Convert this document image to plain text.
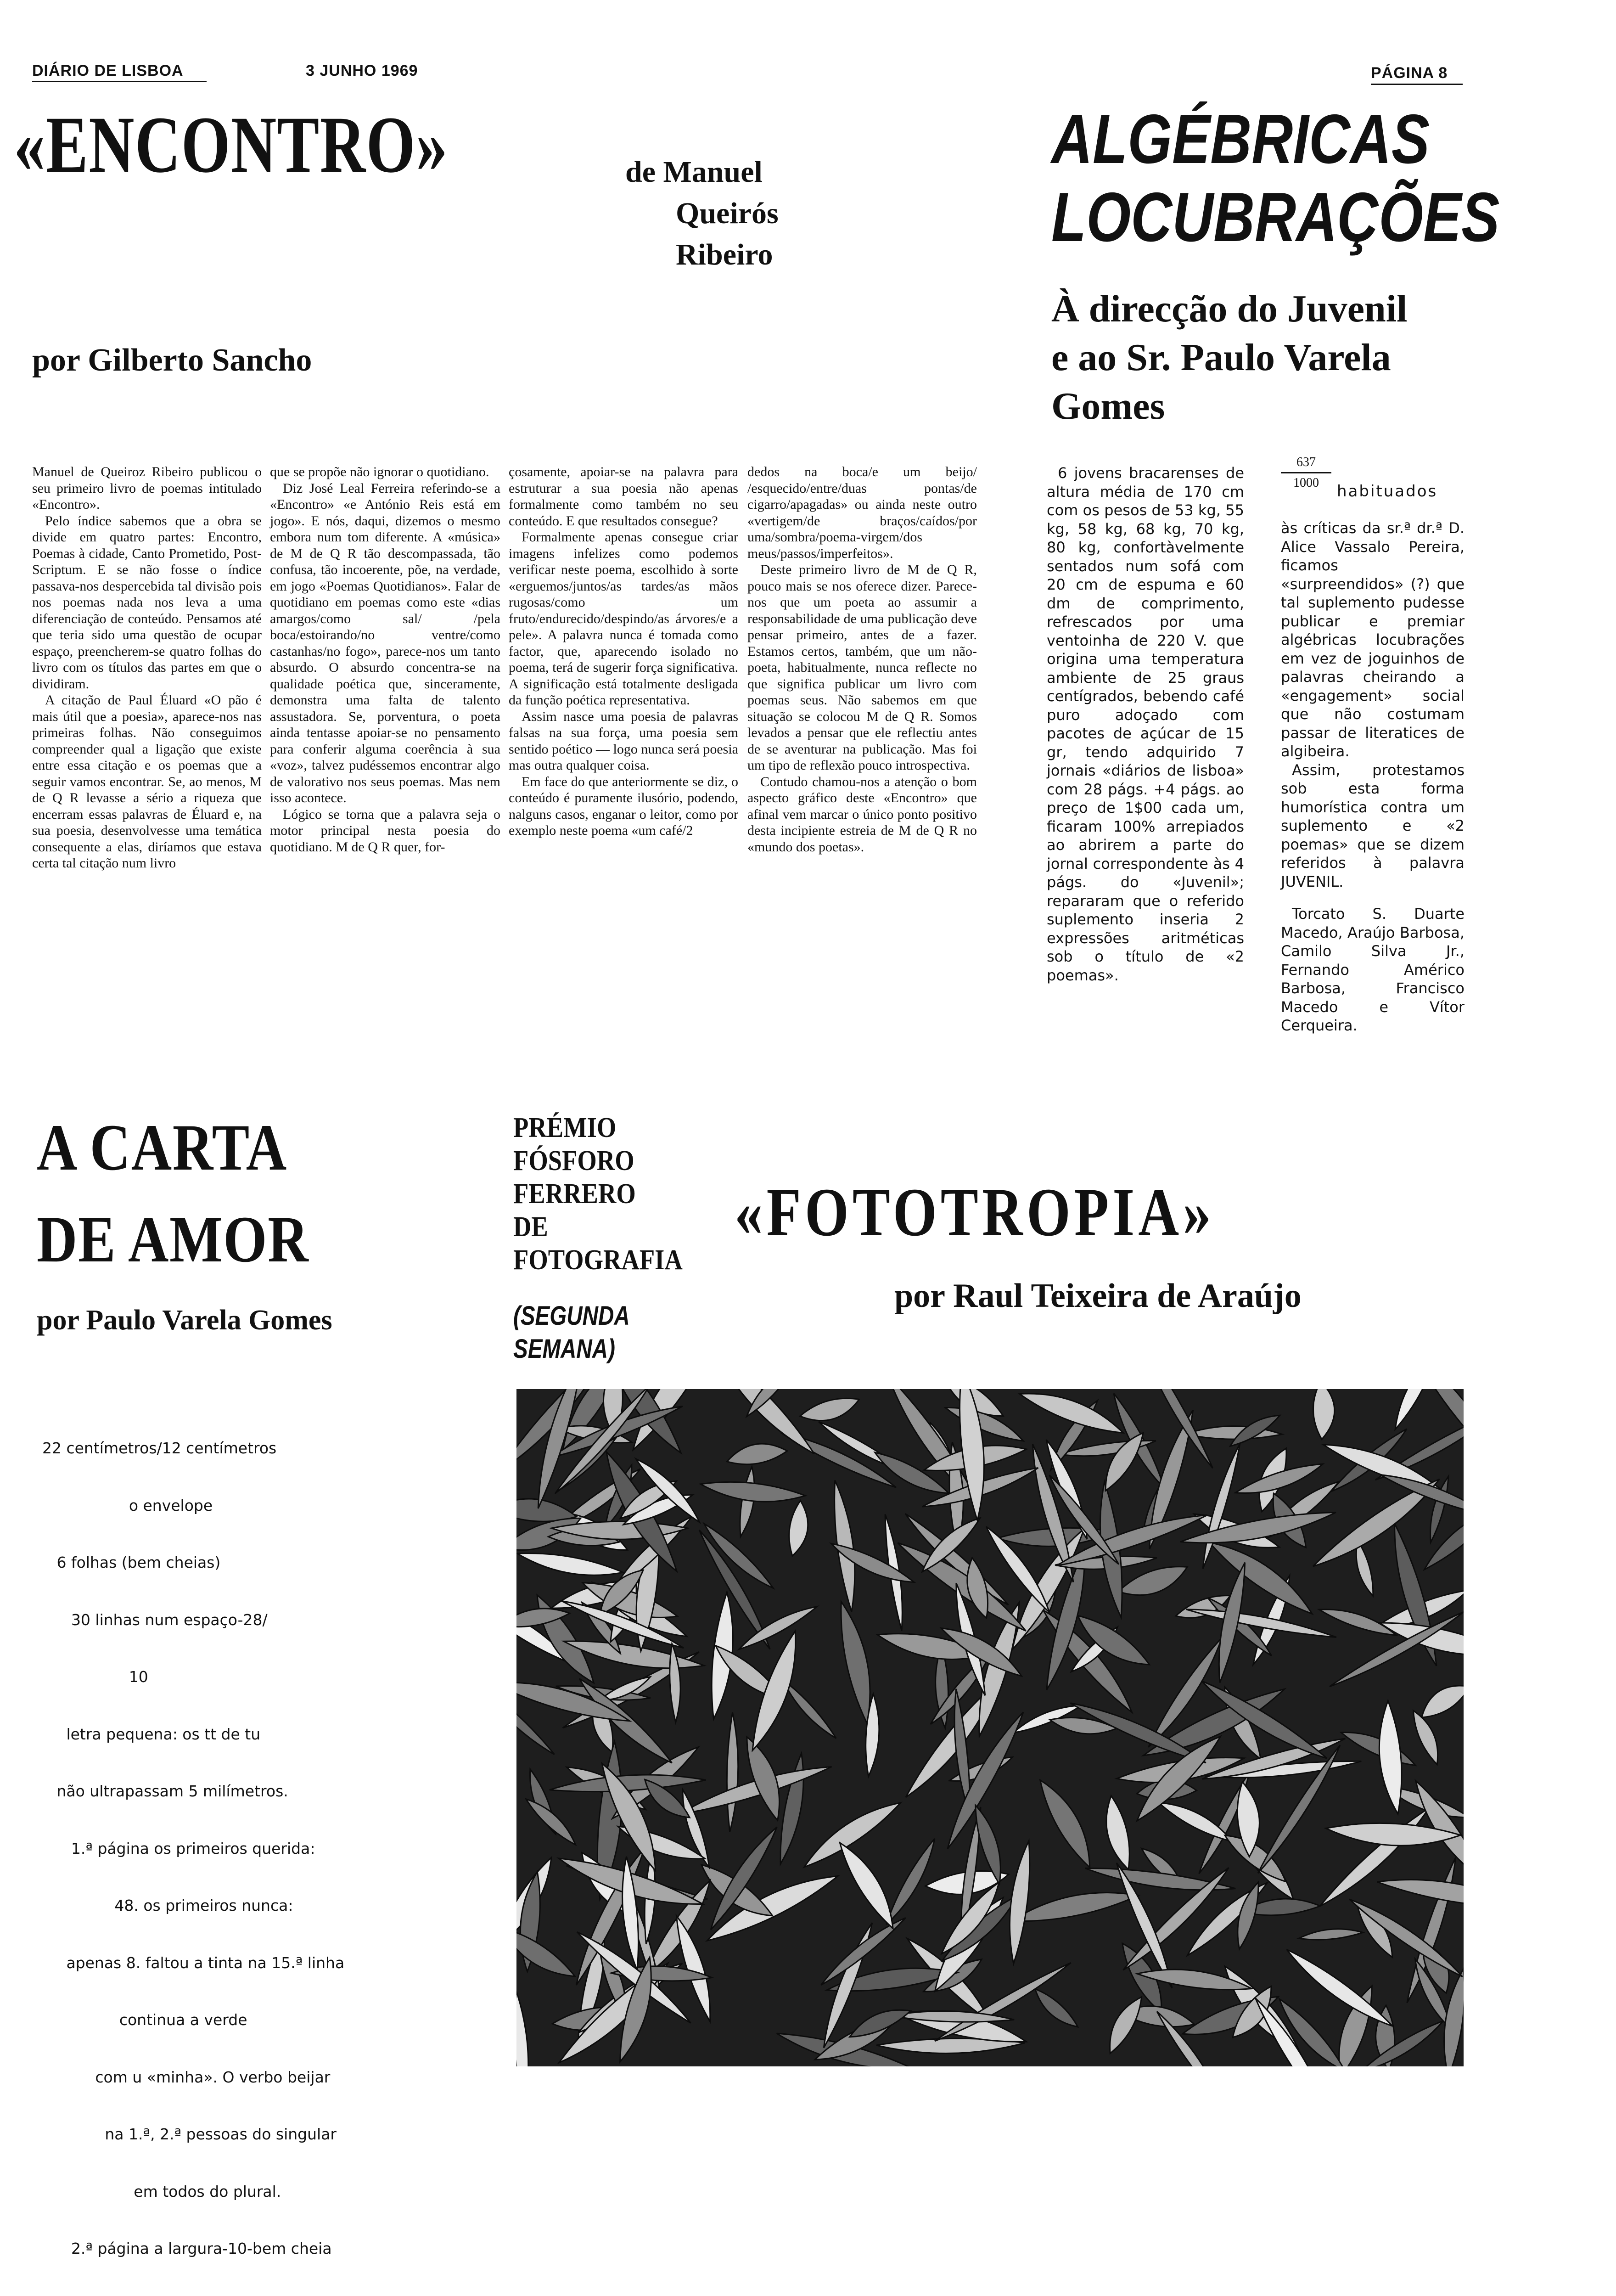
DIÁRIO DE LISBOA	3 JUNHO 1969	PÁGINA 8
«ENCONTRO»	de Manuel
Queirós
Ribeiro
por Gilberto Sancho

Manuel de Queiroz Ribeiro publicou o seu primeiro livro de poemas intitulado «Encontro».

Pelo índice sabemos que a obra se divide em quatro partes: Encontro, Poemas à cidade, Canto Prometido, Post-Scriptum. E se não fosse o índice passava-nos despercebida tal divisão pois nos poemas nada nos leva a uma diferenciação de conteúdo. Pensamos até que teria sido uma questão de ocupar espaço, preencherem-se quatro folhas do livro com os títulos das partes em que o dividiram.

A citação de Paul Éluard «O pão é mais útil que a poesia», aparece-nos nas primeiras folhas. Não conseguimos compreender qual a ligação que existe entre essa citação e os poemas que a seguir vamos encontrar. Se, ao menos, M de Q R levasse a sério a riqueza que encerram essas palavras de Éluard e, na sua poesia, desenvolvesse uma temática consequente a elas, diríamos que estava certa tal citação num livro

que se propõe não ignorar o quotidiano.

Diz José Leal Ferreira referindo-se a «Encontro» «e António Reis está em jogo». E nós, daqui, dizemos o mesmo embora num tom diferente. A «música» de M de Q R tão descompassada, tão confusa, tão incoerente, põe, na verdade, em jogo «Poemas Quotidianos». Falar de quotidiano em poemas como este «dias amargos/como sal/ /pela boca/estoirando/no ventre/como castanhas/no fogo», parece-nos um tanto absurdo. O absurdo concentra-se na qualidade poética que, sinceramente, demonstra uma falta de talento assustadora. Se, porventura, o poeta ainda tentasse apoiar-se no pensamento para conferir alguma coerência à sua «voz», talvez pudéssemos encontrar algo de valorativo nos seus poemas. Mas nem isso acontece.

Lógico se torna que a palavra seja o motor principal nesta poesia do quotidiano. M de Q R quer, for-

çosamente, apoiar-se na palavra para estruturar a sua poesia não apenas formalmente como também no seu conteúdo. E que resultados consegue?

Formalmente apenas consegue criar imagens infelizes como podemos verificar neste poema, escolhido à sorte «erguemos/juntos/as tardes/as mãos rugosas/como um fruto/endurecido/despindo/as árvores/e a pele». A palavra nunca é tomada como factor, que, aparecendo isolado no poema, terá de sugerir força significativa. A significação está totalmente desligada da função poética representativa.

Assim nasce uma poesia de palavras falsas na sua força, uma poesia sem sentido poético — logo nunca será poesia mas outra qualquer coisa.

Em face do que anteriormente se diz, o conteúdo é puramente ilusório, podendo, nalguns casos, enganar o leitor, como por exemplo neste poema «um café/2

dedos na boca/e um beijo/ /esquecido/entre/duas pontas/de cigarro/apagadas» ou ainda neste outro «vertigem/de braços/caídos/por uma/sombra/poema-virgem/dos meus/passos/imperfeitos».

Deste primeiro livro de M de Q R, pouco mais se nos oferece dizer. Parece-nos que um poeta ao assumir a responsabilidade de uma publicação deve pensar primeiro, antes de a fazer. Estamos certos, também, que um não-poeta, habitualmente, nunca reflecte no que significa publicar um livro com poemas seus. Não sabemos em que situação se colocou M de Q R. Somos levados a pensar que ele reflectiu antes de se aventurar na publicação. Mas foi um tipo de reflexão pouco introspectiva.

Contudo chamou-nos a atenção o bom aspecto gráfico deste «Encontro» que afinal vem marcar o único ponto positivo desta incipiente estreia de M de Q R no «mundo dos poetas».

ALGÉBRICAS
LOCUBRAÇÕES
À direcção do Juvenil
e ao Sr. Paulo Varela
Gomes

6 jovens bracarenses de altura média de 170 cm com os pesos de 53 kg, 55 kg, 58 kg, 68 kg, 70 kg, 80 kg, confortàvelmente sentados num sofá com 20 cm de espuma e 60 dm de comprimento, refrescados por uma ventoinha de 220 V. que origina uma temperatura ambiente de 25 graus centígrados, bebendo café puro adoçado com pacotes de açúcar de 15 gr, tendo adquirido 7 jornais «diários de lisboa» com 28 págs. +4 págs. ao preço de 1$00 cada um, ficaram 100% arrepiados ao abrirem a parte do jornal correspondente às 4 págs. do «Juvenil»; repararam que o referido suplemento inseria 2 expressões aritméticas sob o título de «2 poemas».

637
1000	habituados

às críticas da sr.ª dr.ª D. Alice Vassalo Pereira, ficamos «surpreendidos» (?) que tal suplemento pudesse publicar e premiar algébricas locubrações em vez de joguinhos de palavras cheirando a «engagement» social que não costumam passar de literatices de algibeira.

Assim, protestamos sob esta forma humorística contra um suplemento e «2 poemas» que se dizem referidos à palavra JUVENIL.

Torcato S. Duarte Macedo, Araújo Barbosa, Camilo Silva Jr., Fernando Américo Barbosa, Francisco Macedo e Vítor Cerqueira.

A CARTA
DE AMOR
por Paulo Varela Gomes

22 centímetros/12 centímetros

o envelope

6 folhas (bem cheias)

30 linhas num espaço-28/

10

letra pequena: os tt de tu

não ultrapassam 5 milímetros.

1.ª página os primeiros querida:

48. os primeiros nunca:

apenas 8. faltou a tinta na 15.ª linha

continua a verde

com u «minha». O verbo beijar

na 1.ª, 2.ª pessoas do singular

em todos do plural.

2.ª página a largura-10-bem cheia

PRÉMIO
FÓSFORO
FERRERO
DE
FOTOGRAFIA
(SEGUNDA
SEMANA)
«FOTOTROPIA»
por Raul Teixeira de Araújo
